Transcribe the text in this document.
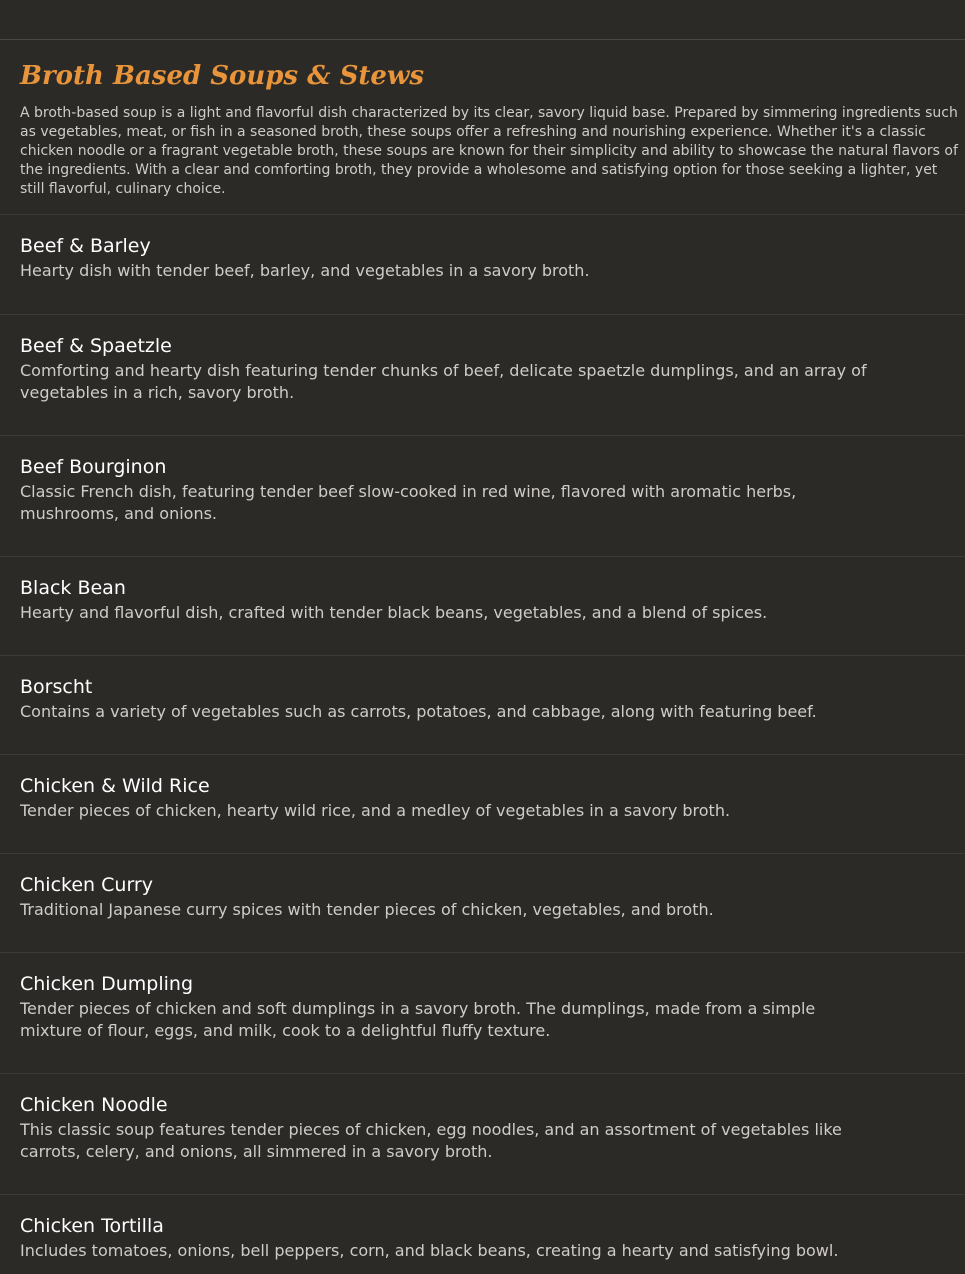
Broth Based Soups & Stews

A broth-based soup is a light and flavorful dish characterized by its clear, savory liquid base. Prepared by simmering ingredients such as vegetables, meat, or fish in a seasoned broth, these soups offer a refreshing and nourishing experience. Whether it's a classic chicken noodle or a fragrant vegetable broth, these soups are known for their simplicity and ability to showcase the natural flavors of the ingredients. With a clear and comforting broth, they provide a wholesome and satisfying option for those seeking a lighter, yet still flavorful, culinary choice.

Beef & Barley

Hearty dish with tender beef, barley, and vegetables in a savory broth.

Beef & Spaetzle

Comforting and hearty dish featuring tender chunks of beef, delicate spaetzle dumplings, and an array of vegetables in a rich, savory broth.

Beef Bourginon

Classic French dish, featuring tender beef slow-cooked in red wine, flavored with aromatic herbs, mushrooms, and onions.

Black Bean

Hearty and flavorful dish, crafted with tender black beans, vegetables, and a blend of spices.

Borscht

Contains a variety of vegetables such as carrots, potatoes, and cabbage, along with featuring beef.

Chicken & Wild Rice

Tender pieces of chicken, hearty wild rice, and a medley of vegetables in a savory broth.

Chicken Curry

Traditional Japanese curry spices with tender pieces of chicken, vegetables, and broth.

Chicken Dumpling

Tender pieces of chicken and soft dumplings in a savory broth. The dumplings, made from a simple mixture of flour, eggs, and milk, cook to a delightful fluffy texture.

Chicken Noodle

This classic soup features tender pieces of chicken, egg noodles, and an assortment of vegetables like carrots, celery, and onions, all simmered in a savory broth.

Chicken Tortilla

Includes tomatoes, onions, bell peppers, corn, and black beans, creating a hearty and satisfying bowl.
